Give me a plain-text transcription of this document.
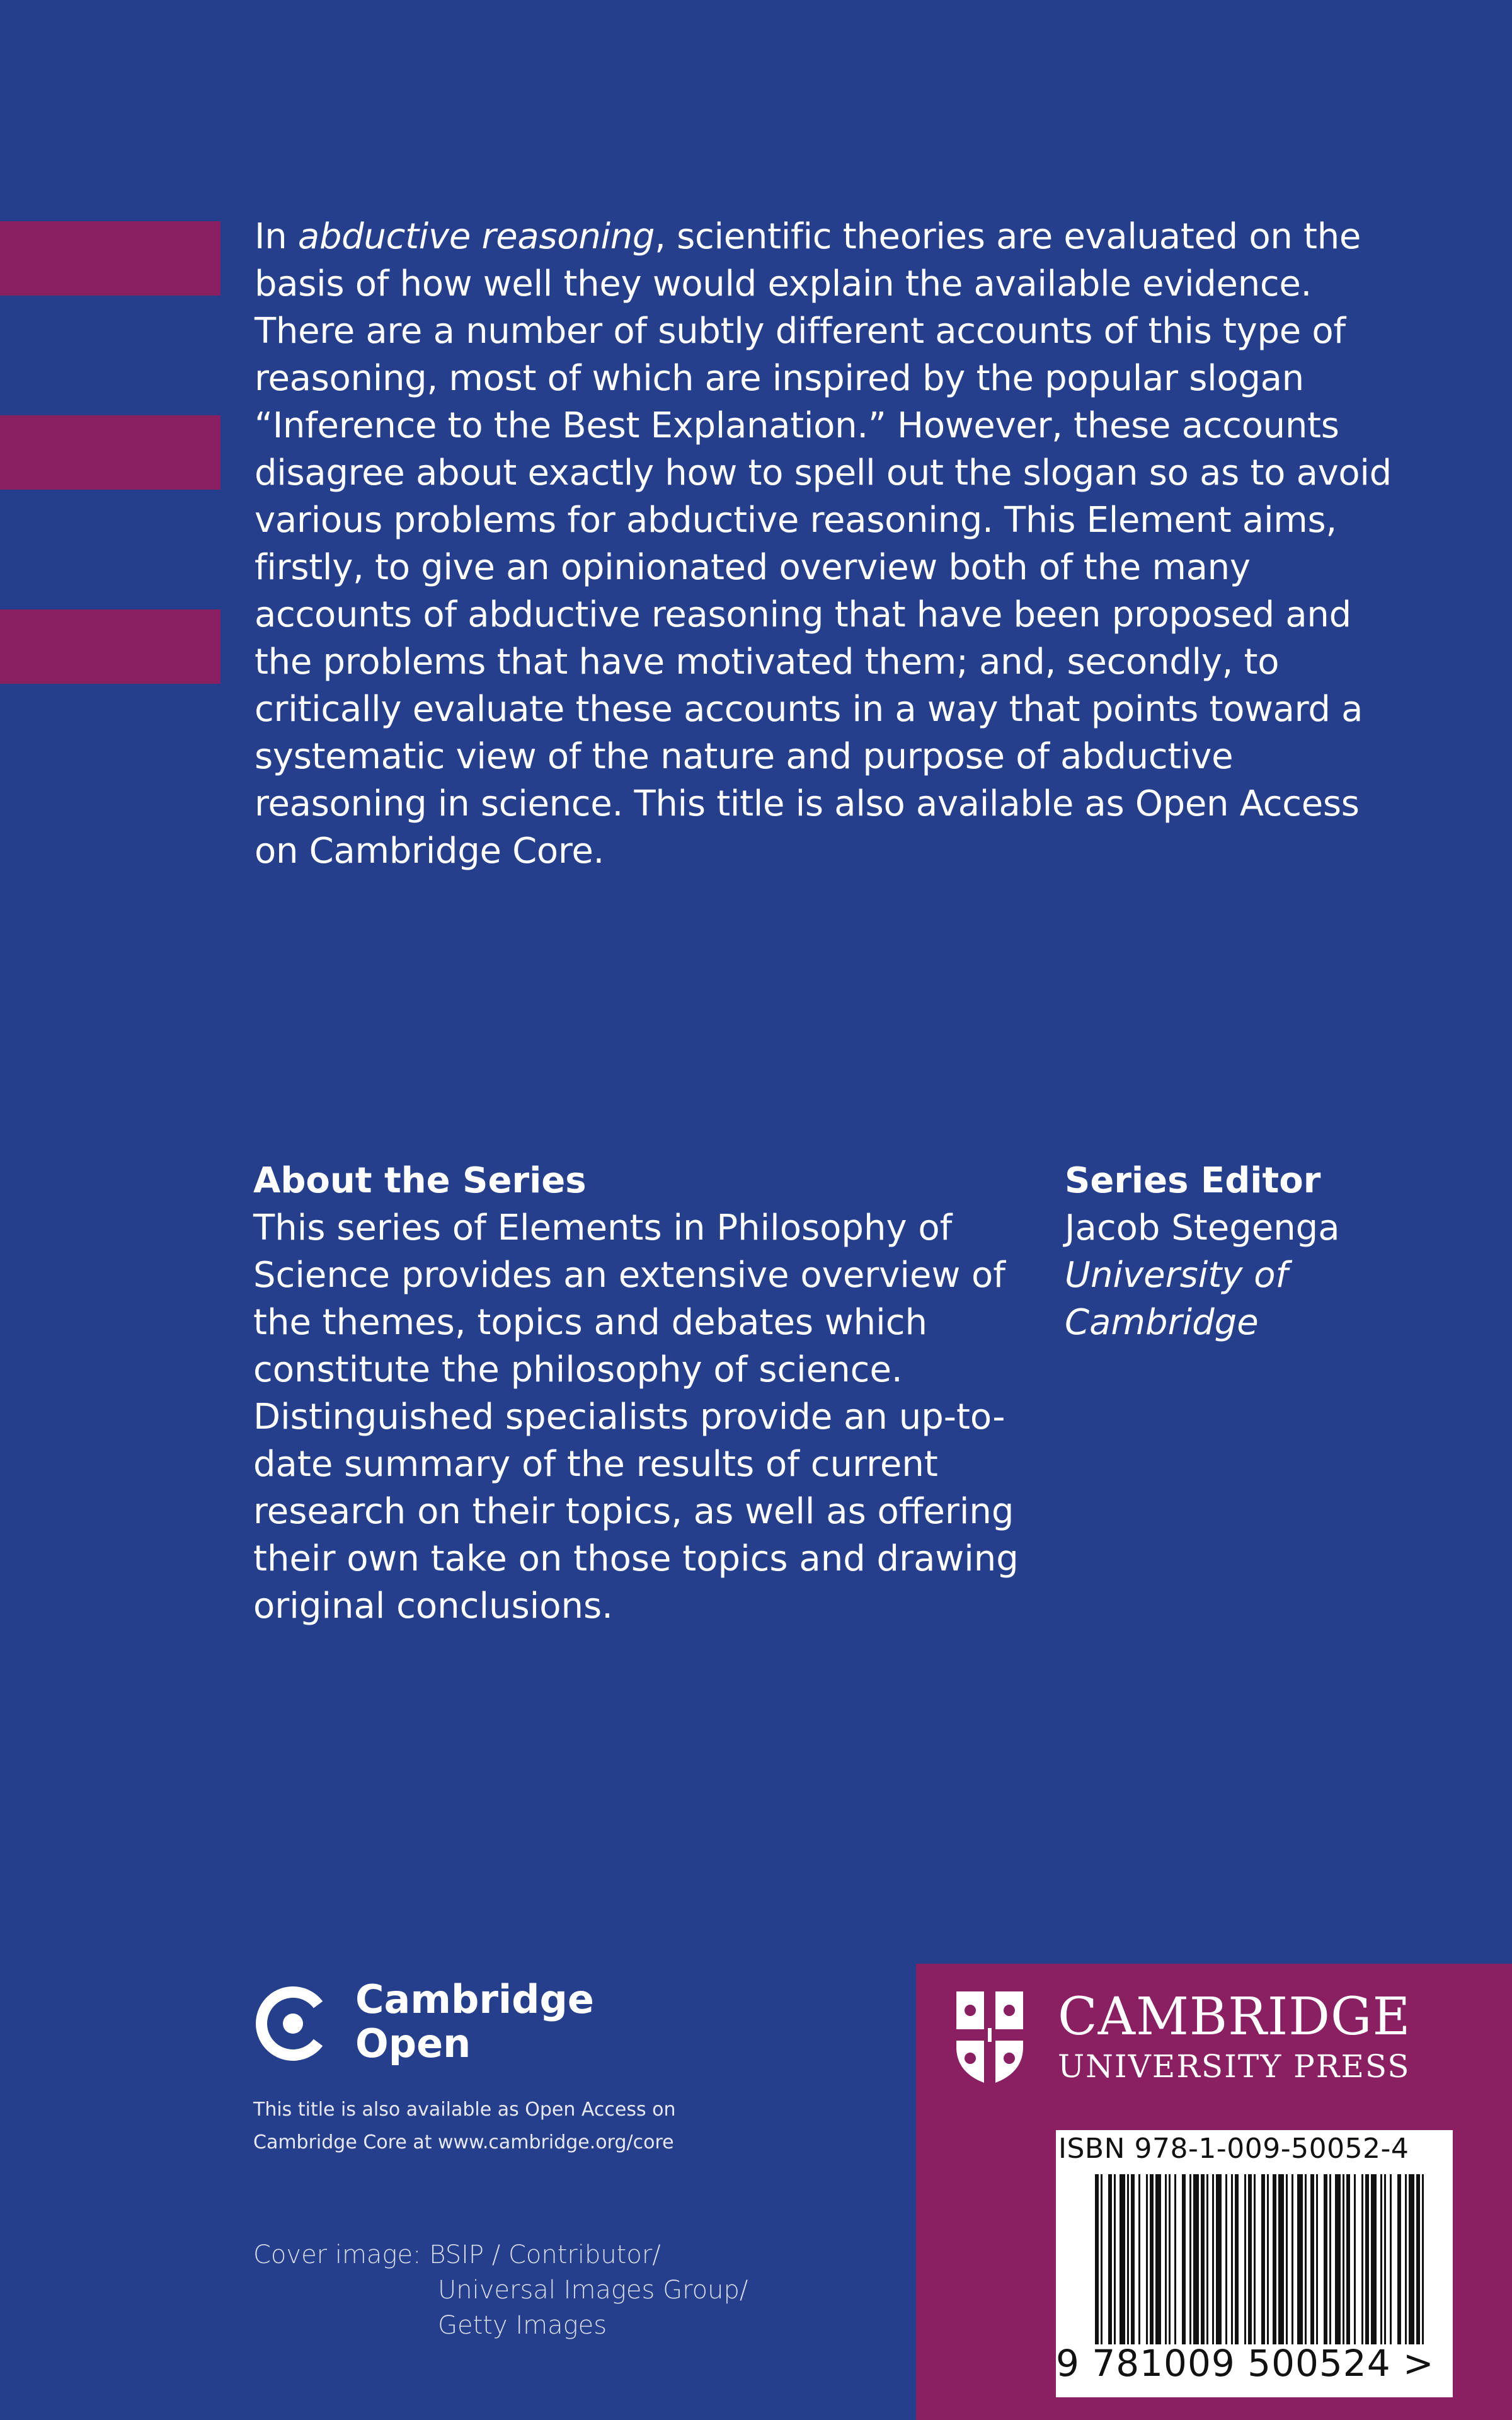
In abductive reasoning, scientific theories are evaluated on the basis of how well they would explain the available evidence. There are a number of subtly different accounts of this type of reasoning, most of which are inspired by the popular slogan “Inference to the Best Explanation.” However, these accounts disagree about exactly how to spell out the slogan so as to avoid various problems for abductive reasoning. This Element aims, firstly, to give an opinionated overview both of the many accounts of abductive reasoning that have been proposed and the problems that have motivated them; and, secondly, to critically evaluate these accounts in a way that points toward a systematic view of the nature and purpose of abductive reasoning in science. This title is also available as Open Access on Cambridge Core.

About the Series
This series of Elements in Philosophy of Science provides an extensive overview of the themes, topics and debates which constitute the philosophy of science. Distinguished specialists provide an up-to-date summary of the results of current research on their topics, as well as offering their own take on those topics and drawing original conclusions.
Series Editor
Jacob Stegenga
University of
Cambridge
Cambridge
Open
This title is also available as Open Access on
Cambridge Core at www.cambridge.org/core
Cover image: BSIP / Contributor/
Universal Images Group/
Getty Images
CAMBRIDGE
UNIVERSITY PRESS
ISBN 978-1-009-50052-4
9 781009 500524 >
